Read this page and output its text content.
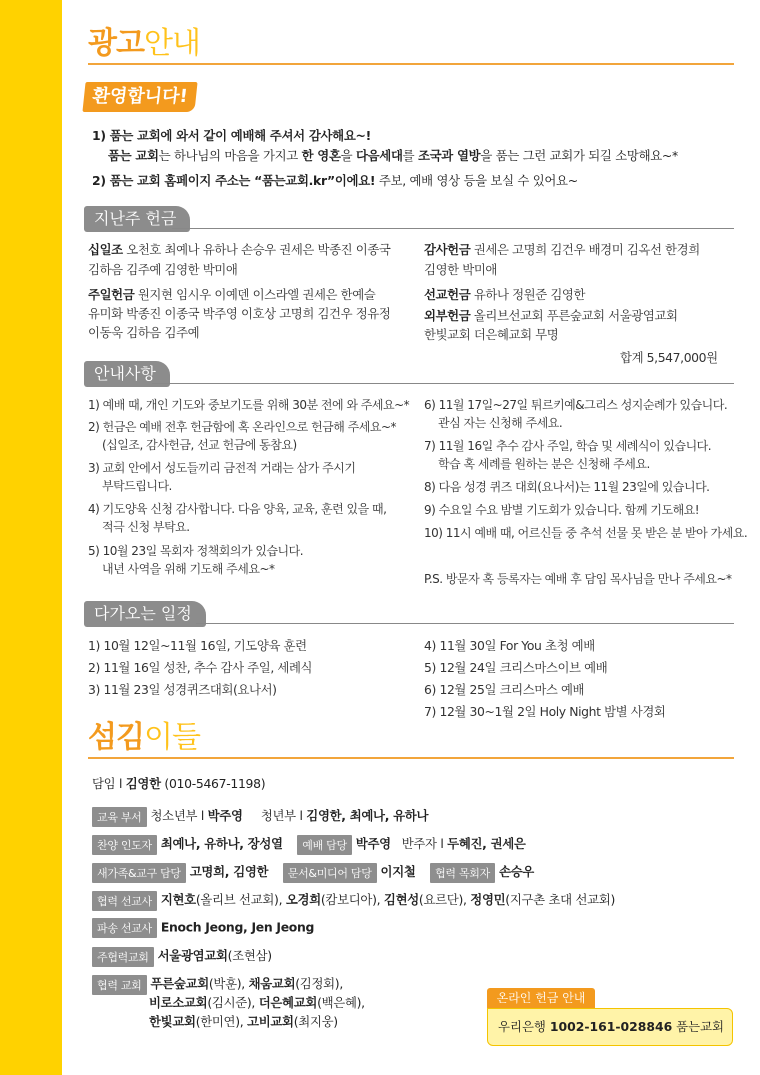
광고안내
환영합니다!
1) 품는 교회에 와서 같이 예배해 주셔서 감사해요~!
품는 교회는 하나님의 마음을 가지고 한 영혼을 다음세대를 조국과 열방을 품는 그런 교회가 되길 소망해요~*
2) 품는 교회 홈페이지 주소는 “품는교회.kr”이에요! 주보, 예배 영상 등을 보실 수 있어요~
지난주 헌금
십일조 오천호 최예나 유하나 손승우 권세은 박종진 이종국
김하음 김주예 김영한 박미애
주일헌금 원지현 임시우 이예덴 이스라엘 권세은 한예슬
유미화 박종진 이종국 박주영 이호상 고명희 김건우 정유정
이동욱 김하음 김주예
감사헌금 권세은 고명희 김건우 배경미 김옥선 한경희
김영한 박미애
선교헌금 유하나 정원준 김영한
외부헌금 올리브선교회 푸른숲교회 서울광염교회
한빛교회 더은혜교회 무명
합계 5,547,000원
안내사항
1) 예배 때, 개인 기도와 중보기도를 위해 30분 전에 와 주세요~*
2) 헌금은 예배 전후 헌금함에 혹 온라인으로 헌금해 주세요~*
(십일조, 감사헌금, 선교 헌금에 동참요)
3) 교회 안에서 성도들끼리 금전적 거래는 삼가 주시기
부탁드립니다.
4) 기도양육 신청 감사합니다. 다음 양육, 교육, 훈련 있을 때,
적극 신청 부탁요.
5) 10월 23일 목회자 정책회의가 있습니다.
내년 사역을 위해 기도해 주세요~*
6) 11월 17일~27일 튀르키예&그리스 성지순례가 있습니다.
관심 자는 신청해 주세요.
7) 11월 16일 추수 감사 주일, 학습 및 세례식이 있습니다.
학습 혹 세례를 원하는 분은 신청해 주세요.
8) 다음 성경 퀴즈 대회(요나서)는 11월 23일에 있습니다.
9) 수요일 수요 밤별 기도회가 있습니다. 함께 기도해요!
10) 11시 예배 때, 어르신들 중 추석 선물 못 받은 분 받아 가세요.
P.S. 방문자 혹 등록자는 예배 후 담임 목사님을 만나 주세요~*
다가오는 일정
1) 10월 12일~11월 16일, 기도양육 훈련
2) 11월 16일 성찬, 추수 감사 주일, 세례식
3) 11월 23일 성경퀴즈대회(요나서)
4) 11월 30일 For You 초청 예배
5) 12월 24일 크리스마스이브 예배
6) 12월 25일 크리스마스 예배
7) 12월 30~1월 2일 Holy Night 밤별 사경회
섬김이들
담임 l 김영한 (010-5467-1198)
교육 부서 청소년부 l 박주영 청년부 l 김영한, 최예나, 유하나
찬양 인도자 최예나, 유하나, 장성열 예배 담당 박주영 반주자 l 두혜진, 권세은
새가족&교구 담당 고명희, 김영한 문서&미디어 담당 이지철 협력 목회자 손승우
협력 선교사 지현호(올리브 선교회), 오경희(캄보디아), 김현성(요르단), 정영민(지구촌 초대 선교회)
파송 선교사 Enoch Jeong, Jen Jeong
주협력교회 서울광염교회(조현삼)
협력 교회 푸른숲교회(박훈), 채움교회(김정회),
비로소교회(김시준), 더은혜교회(백은혜),
한빛교회(한미연), 고비교회(최지웅)
온라인 헌금 안내
우리은행 1002-161-028846 품는교회
